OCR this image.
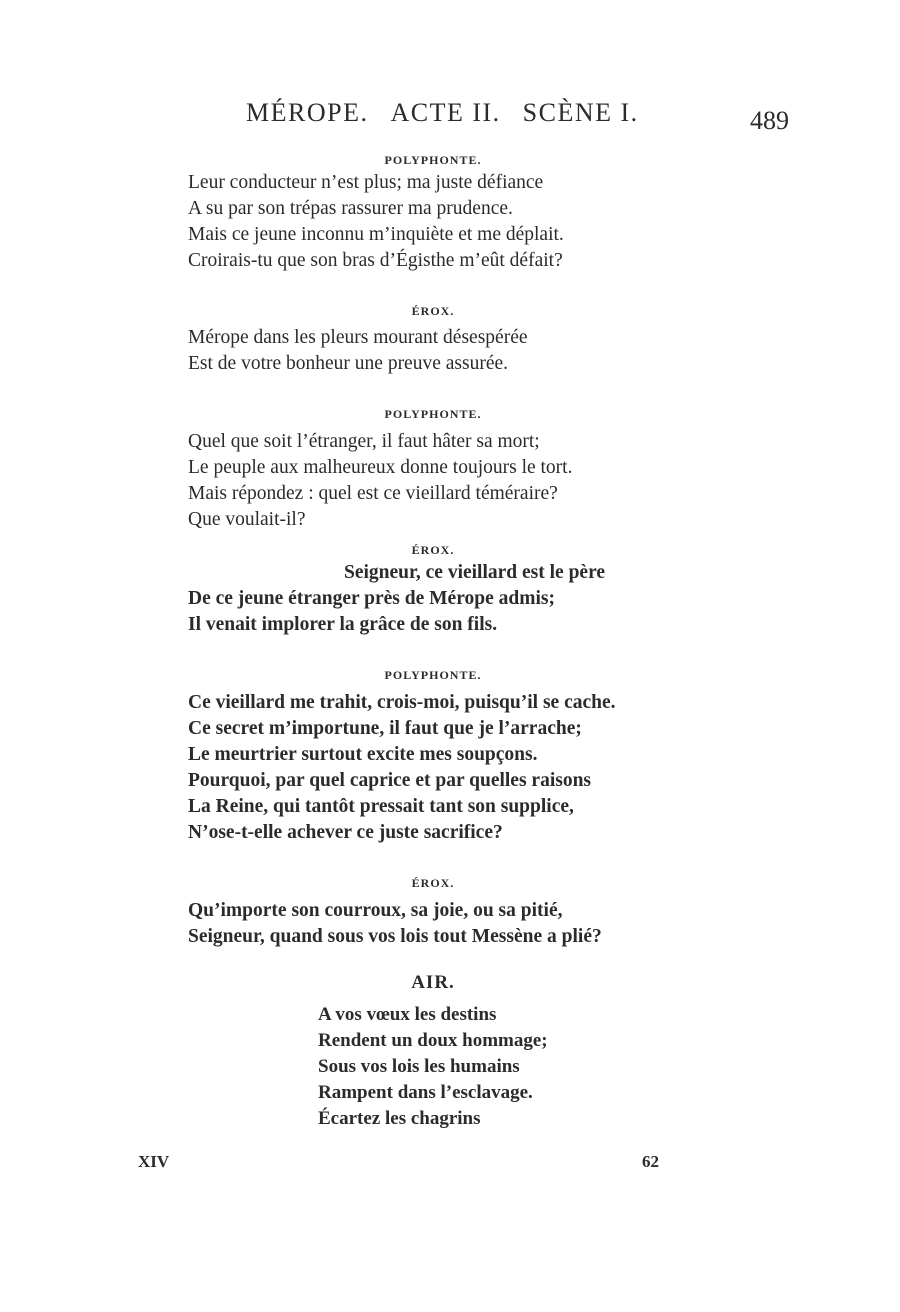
MÉROPE. ACTE II. SCÈNE I.	489
POLYPHONTE.
Leur conducteur n’est plus; ma juste défiance
A su par son trépas rassurer ma prudence.
Mais ce jeune inconnu m’inquiète et me déplait.
Croirais-tu que son bras d’Égisthe m’eût défait?
ÉROX.
Mérope dans les pleurs mourant désespérée
Est de votre bonheur une preuve assurée.
POLYPHONTE.
Quel que soit l’étranger, il faut hâter sa mort;
Le peuple aux malheureux donne toujours le tort.
Mais répondez : quel est ce vieillard téméraire?
Que voulait-il?
ÉROX.
Seigneur, ce vieillard est le père
De ce jeune étranger près de Mérope admis;
Il venait implorer la grâce de son fils.
POLYPHONTE.
Ce vieillard me trahit, crois-moi, puisqu’il se cache.
Ce secret m’importune, il faut que je l’arrache;
Le meurtrier surtout excite mes soupçons.
Pourquoi, par quel caprice et par quelles raisons
La Reine, qui tantôt pressait tant son supplice,
N’ose-t-elle achever ce juste sacrifice?
ÉROX.
Qu’importe son courroux, sa joie, ou sa pitié,
Seigneur, quand sous vos lois tout Messène a plié?
AIR.
A vos vœux les destins
Rendent un doux hommage;
Sous vos lois les humains
Rampent dans l’esclavage.
Écartez les chagrins
XIV	62
